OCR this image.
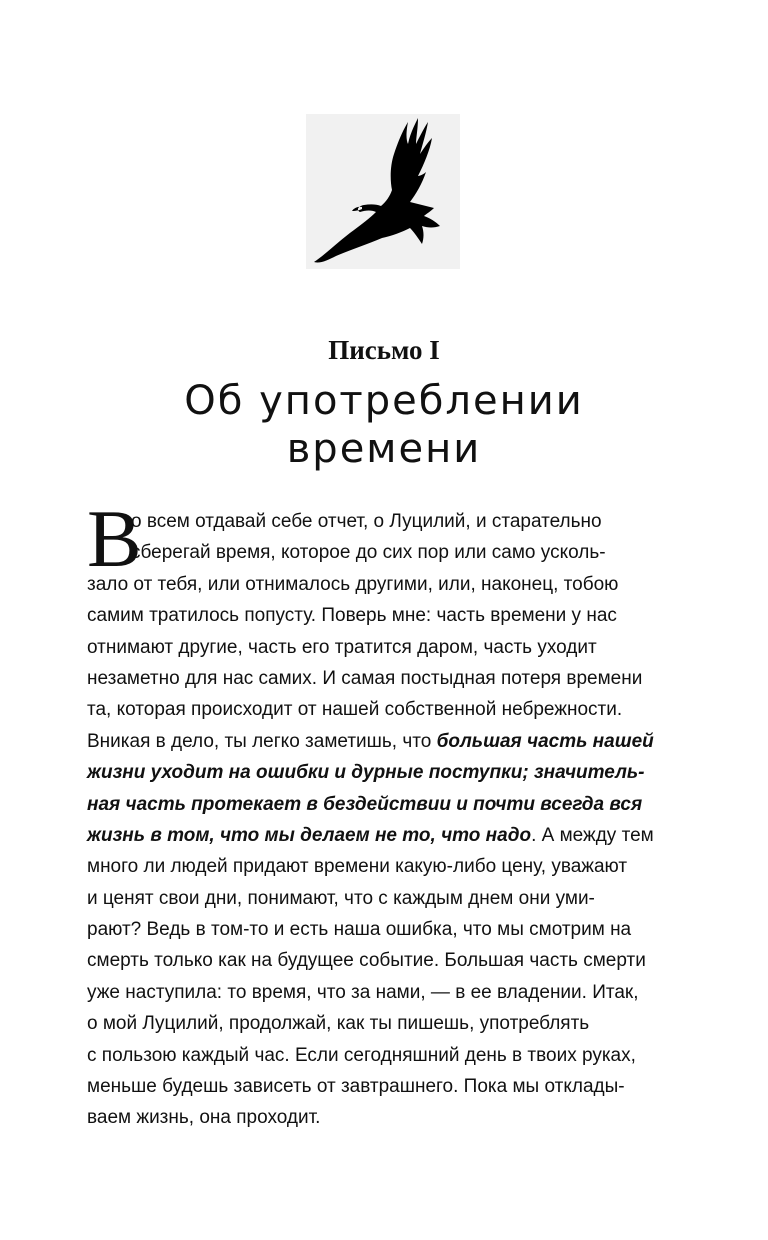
Письмо I
Об употреблении
времени
В
о всем отдавай себе отчет, о Луцилий, и старательно
сберегай время, которое до сих пор или само усколь-
зало от тебя, или отнималось другими, или, наконец, тобою
самим тратилось попусту. Поверь мне: часть времени у нас
отнимают другие, часть его тратится даром, часть уходит
незаметно для нас самих. И самая постыдная потеря времени
та, которая происходит от нашей собственной небрежности.
Вникая в дело, ты легко заметишь, что большая часть нашей
жизни уходит на ошибки и дурные поступки; значитель-
ная часть протекает в бездействии и почти всегда вся
жизнь в том, что мы делаем не то, что надо. А между тем
много ли людей придают времени какую-либо цену, уважают
и ценят свои дни, понимают, что с каждым днем они уми-
рают? Ведь в том-то и есть наша ошибка, что мы смотрим на
смерть только как на будущее событие. Большая часть смерти
уже наступила: то время, что за нами, — в ее владении. Итак,
о мой Луцилий, продолжай, как ты пишешь, употреблять
с пользою каждый час. Если сегодняшний день в твоих руках,
меньше будешь зависеть от завтрашнего. Пока мы отклады-
ваем жизнь, она проходит.
